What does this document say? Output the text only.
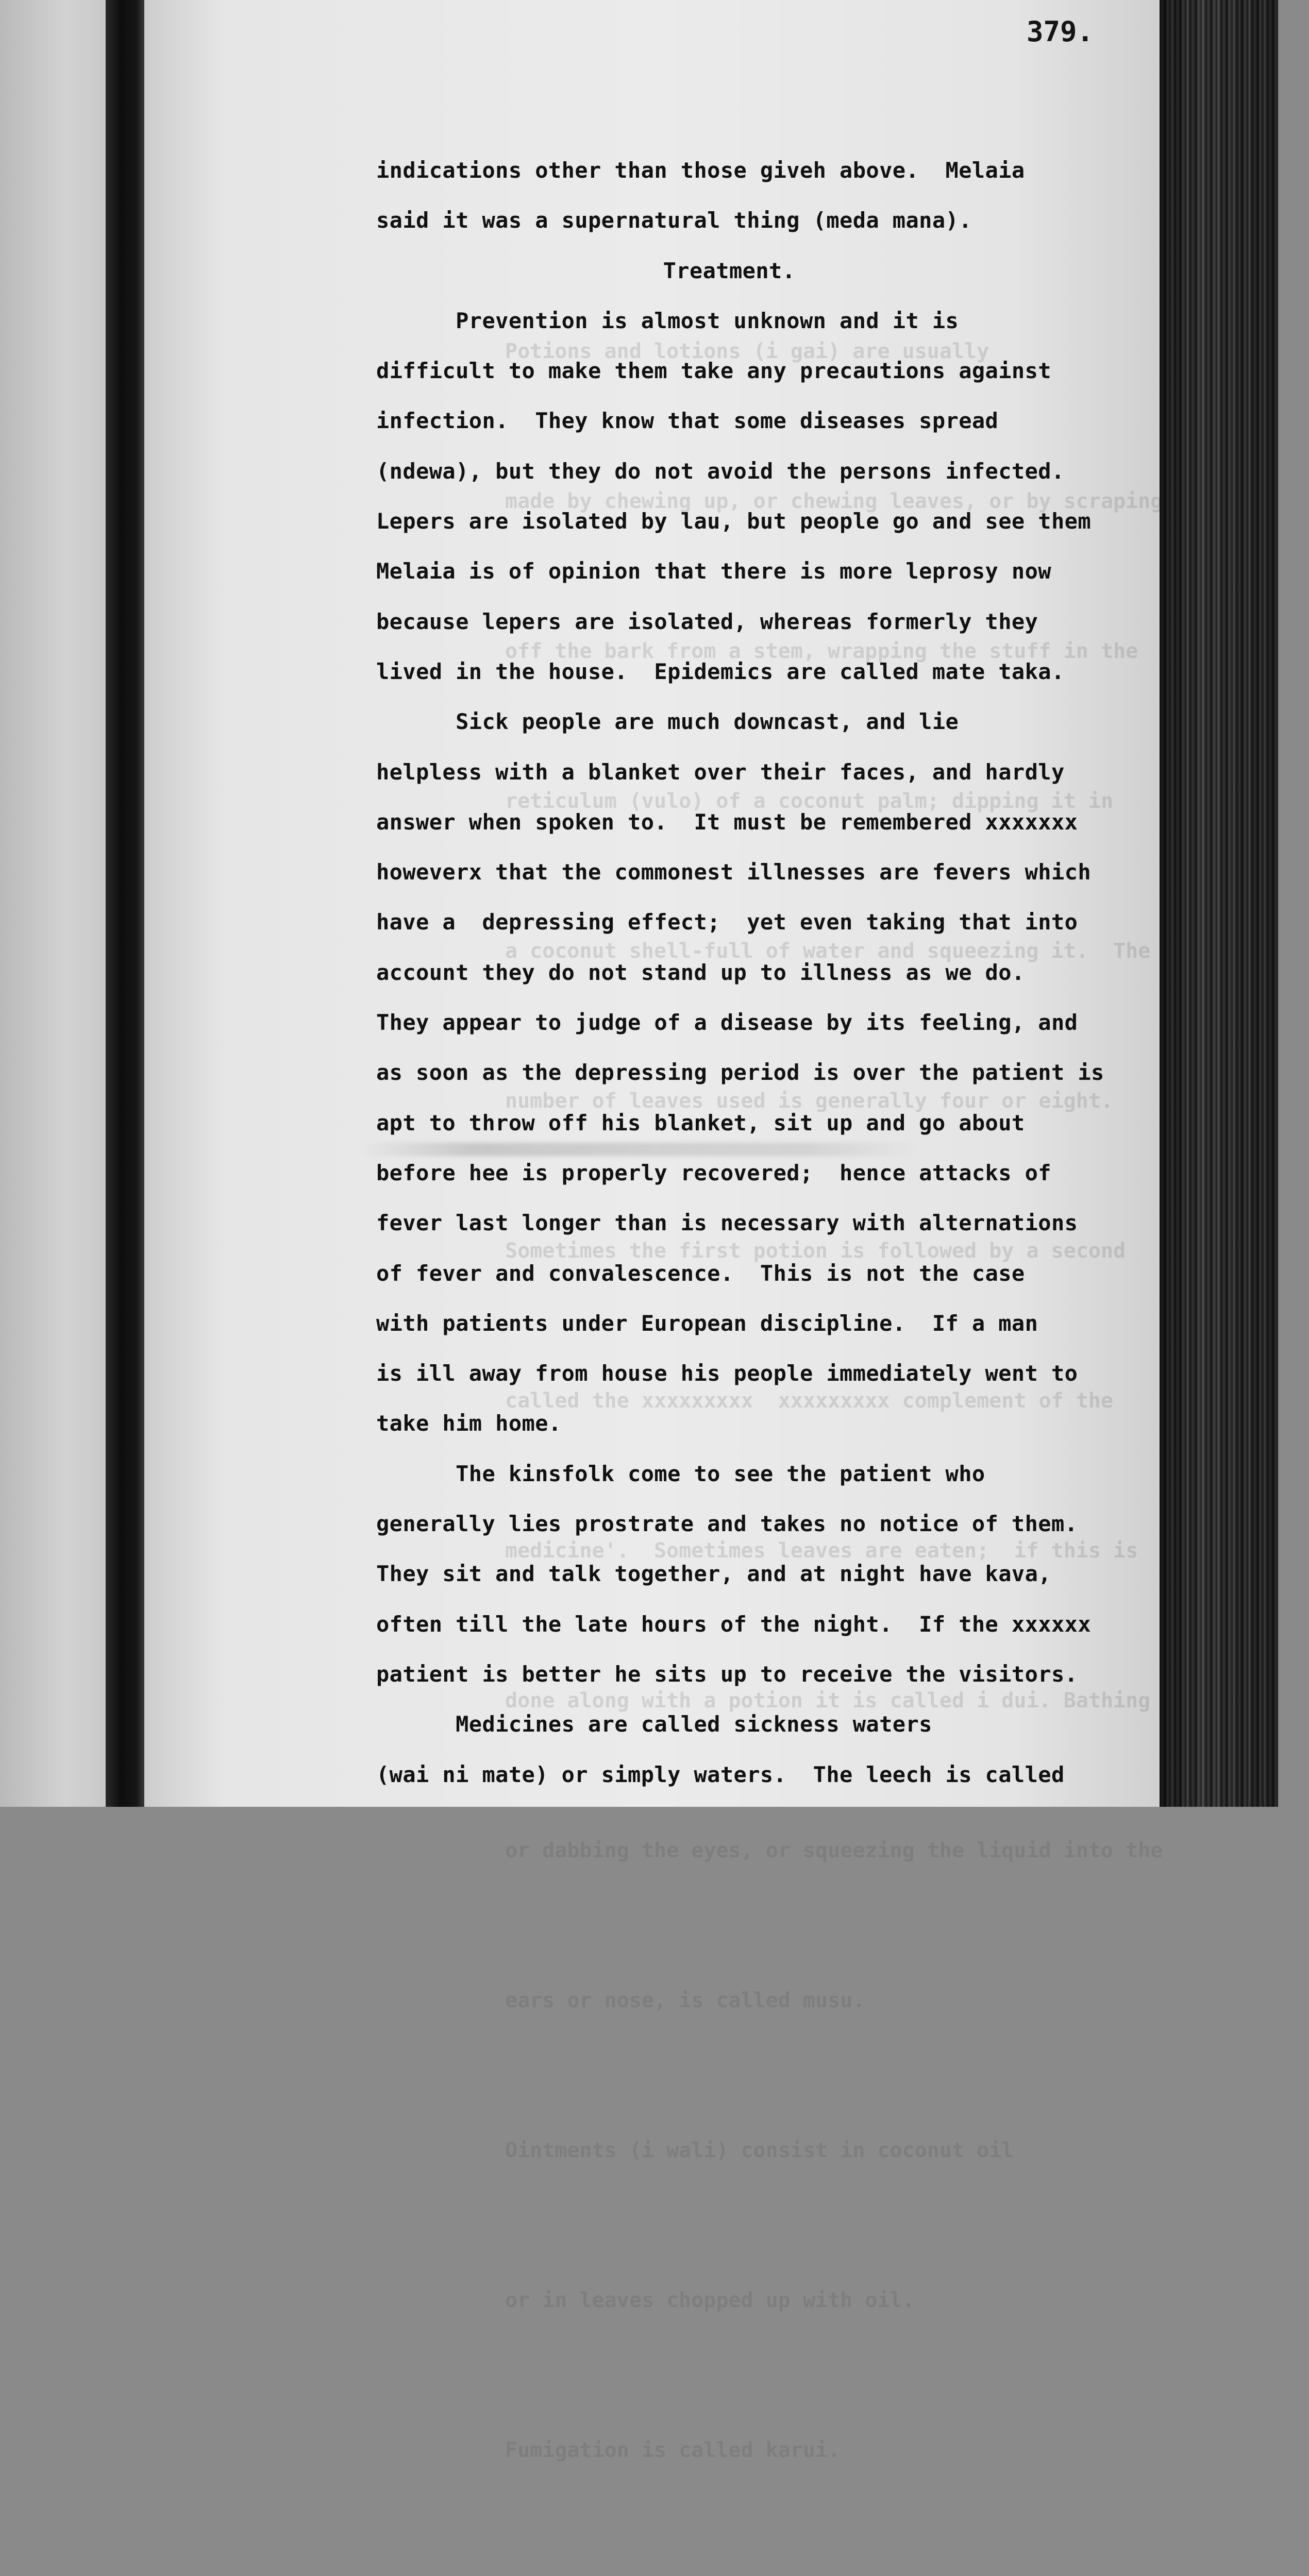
Potions and lotions (i gai) are usually

made by chewing up, or chewing leaves, or by scraping

off the bark from a stem, wrapping the stuff in the

reticulum (vulo) of a coconut palm; dipping it in

a coconut shell-full of water and squeezing it.  The

number of leaves used is generally four or eight.

Sometimes the first potion is followed by a second

called the xxxxxxxxx  xxxxxxxxx complement of the

medicine'.  Sometimes leaves are eaten;  if this is

done along with a potion it is called i dui. Bathing

or dabbing the eyes, or squeezing the liquid into the

ears or nose, is called musu.

Ointments (i wali) consist in coconut oil

or in leaves chopped up with oil.

Fumigation is called karui.

379.
indications other than those giveh above.  Melaia
said it was a supernatural thing (meda mana).
Treatment.
Prevention is almost unknown and it is
difficult to make them take any precautions against
infection.  They know that some diseases spread
(ndewa), but they do not avoid the persons infected.
Lepers are isolated by lau, but people go and see them
Melaia is of opinion that there is more leprosy now
because lepers are isolated, whereas formerly they
lived in the house.  Epidemics are called mate taka.
Sick people are much downcast, and lie
helpless with a blanket over their faces, and hardly
answer when spoken to.  It must be remembered xxxxxxx
howeverx that the commonest illnesses are fevers which
have a  depressing effect;  yet even taking that into
account they do not stand up to illness as we do.
They appear to judge of a disease by its feeling, and
as soon as the depressing period is over the patient is
apt to throw off his blanket, sit up and go about
before hee is properly recovered;  hence attacks of
fever last longer than is necessary with alternations
of fever and convalescence.  This is not the case
with patients under European discipline.  If a man
is ill away from house his people immediately went to
take him home.
The kinsfolk come to see the patient who
generally lies prostrate and takes no notice of them.
They sit and talk together, and at night have kava,
often till the late hours of the night.  If the xxxxxx
patient is better he sits up to receive the visitors.
Medicines are called sickness waters
(wai ni mate) or simply waters.  The leech is called
